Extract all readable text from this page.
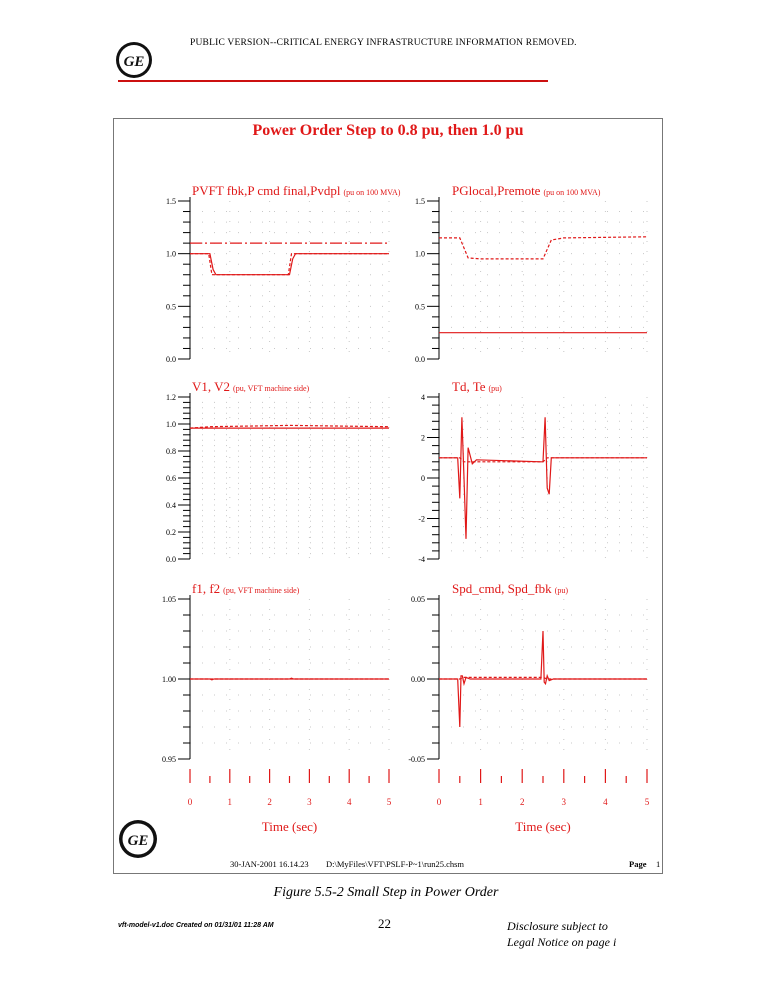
GE
PUBLIC VERSION--CRITICAL ENERGY INFRASTRUCTURE INFORMATION REMOVED.
Power Order Step to 0.8 pu, then 1.0 pu
0.0
0.5
1.0
1.5
PVFT fbk,P cmd final,Pvdpl (pu on 100 MVA)
0.0
0.5
1.0
1.5
PGlocal,Premote (pu on 100 MVA)
0.0
0.2
0.4
0.6
0.8
1.0
1.2
V1, V2 (pu, VFT machine side)
-4
-2
0
2
4
Td, Te (pu)
0.95
1.00
1.05
f1, f2 (pu, VFT machine side)
0	1	2	3	4	5
Time (sec)
-0.05
0.00
0.05
Spd_cmd, Spd_fbk (pu)
0	1	2	3	4	5
Time (sec)
GE
30-JAN-2001 16.14.23 D:\MyFiles\VFT\PSLF-P~1\run25.chsm	Page 1
Figure 5.5-2 Small Step in Power Order
vft-model-v1.doc Created on 01/31/01 11:28 AM	22	Disclosure subject to
Legal Notice on page i
